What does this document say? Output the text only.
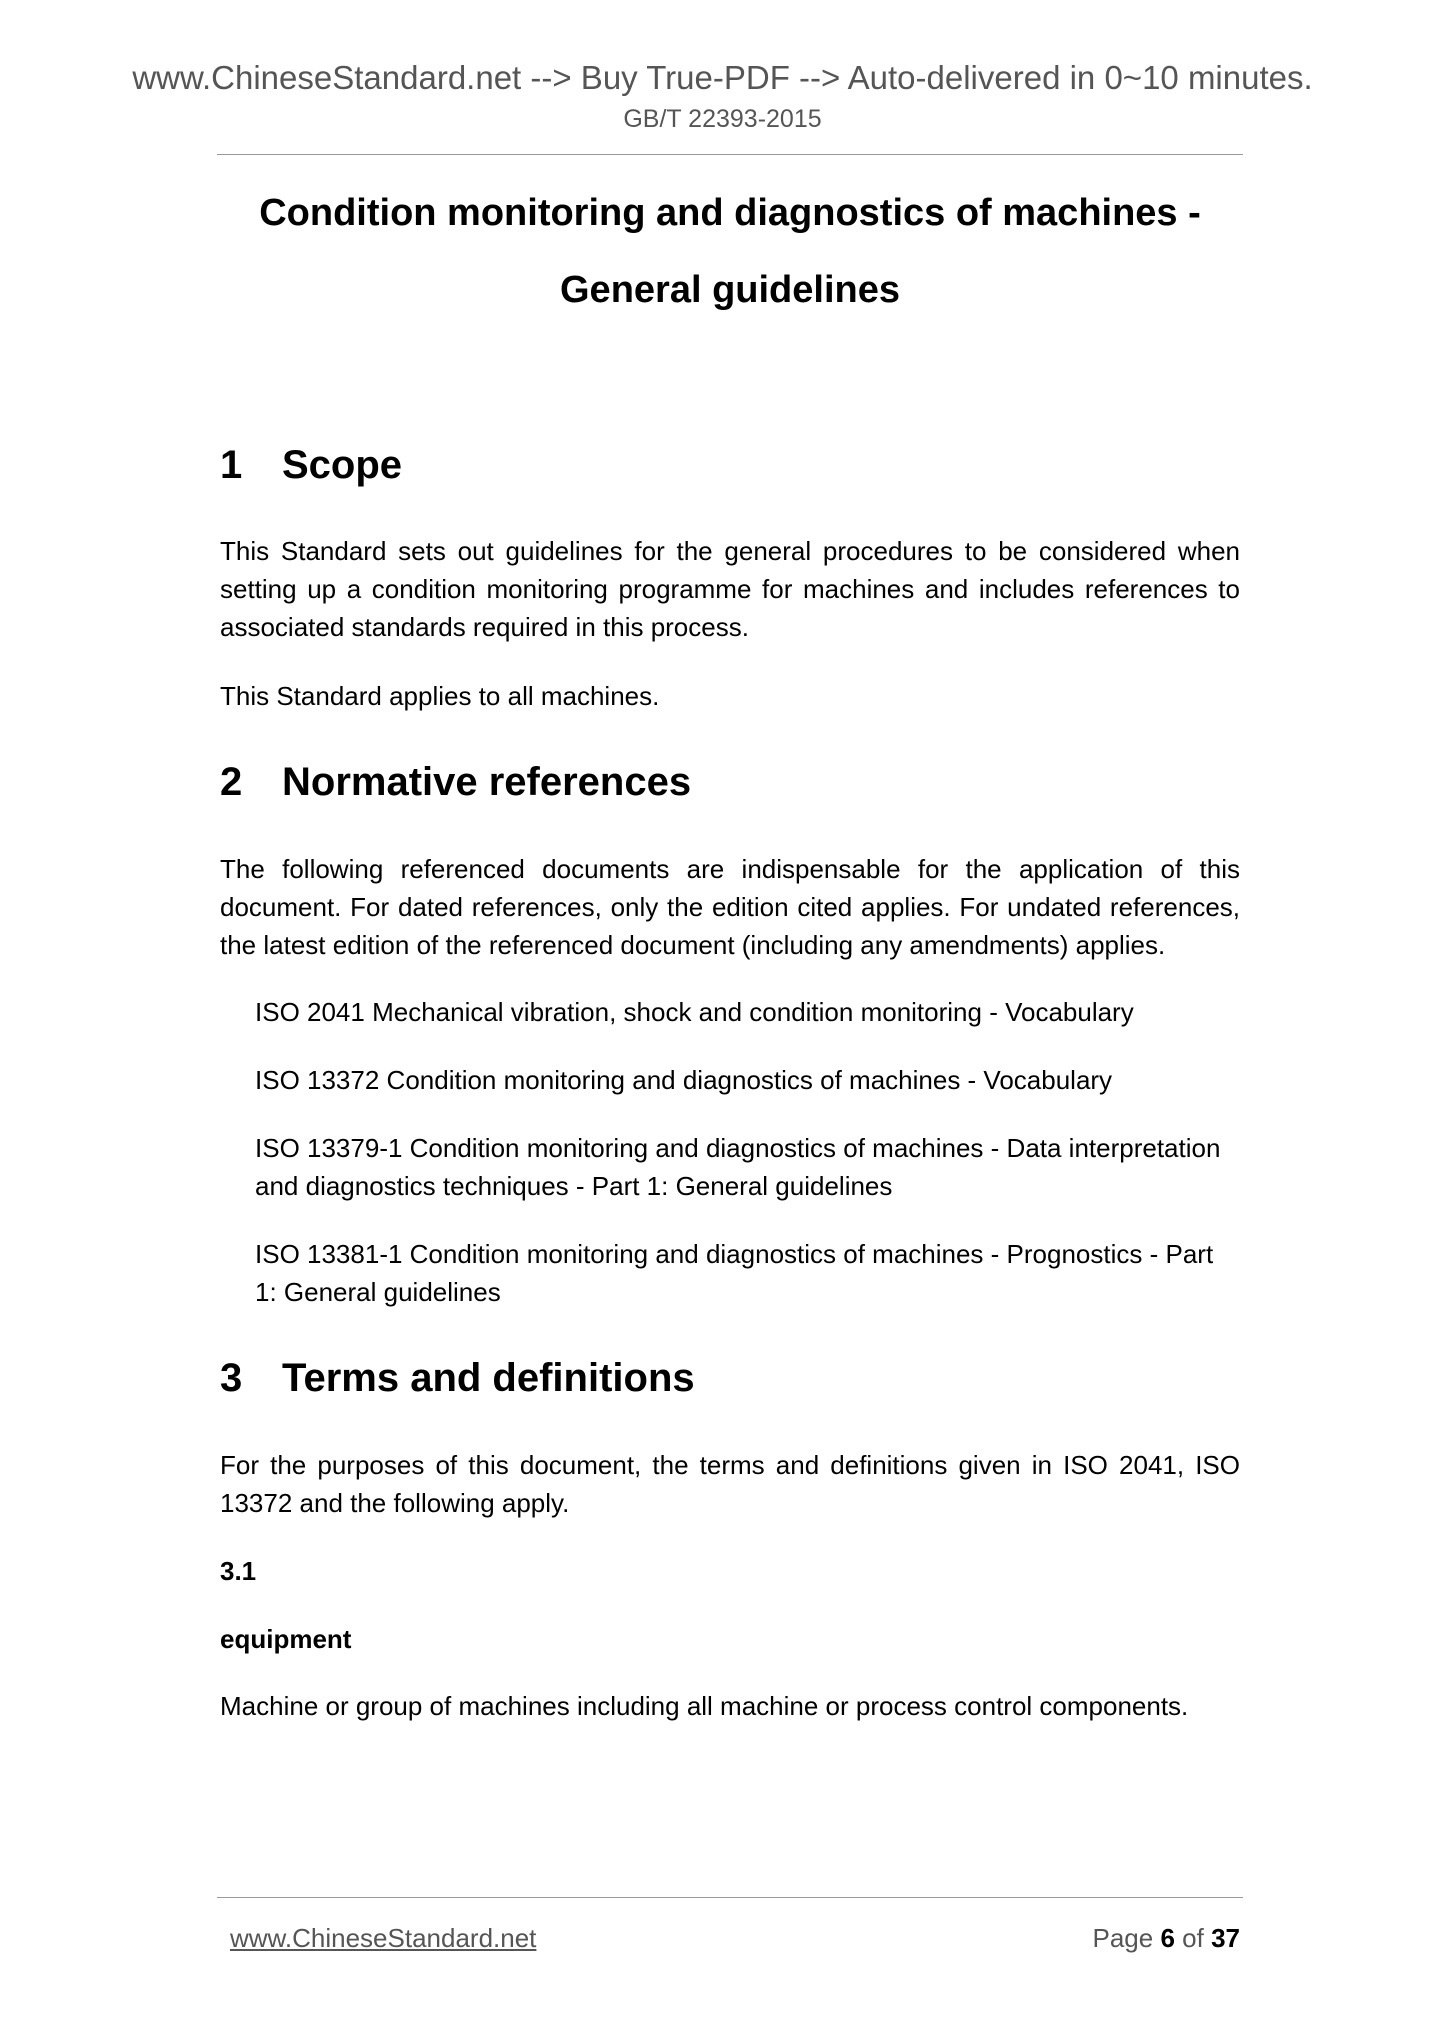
www.ChineseStandard.net --> Buy True-PDF --> Auto-delivered in 0~10 minutes.
GB/T 22393-2015
Condition monitoring and diagnostics of machines -
General guidelines
1 Scope
This Standard sets out guidelines for the general procedures to be considered when setting up a condition monitoring programme for machines and includes references to associated standards required in this process.
This Standard applies to all machines.
2 Normative references
The following referenced documents are indispensable for the application of this document. For dated references, only the edition cited applies. For undated references, the latest edition of the referenced document (including any amendments) applies.
ISO 2041 Mechanical vibration, shock and condition monitoring - Vocabulary
ISO 13372 Condition monitoring and diagnostics of machines - Vocabulary
ISO 13379-1 Condition monitoring and diagnostics of machines - Data interpretation and diagnostics techniques - Part 1: General guidelines
ISO 13381-1 Condition monitoring and diagnostics of machines - Prognostics - Part 1: General guidelines
3 Terms and definitions
For the purposes of this document, the terms and definitions given in ISO 2041, ISO 13372 and the following apply.
3.1
equipment
Machine or group of machines including all machine or process control components.
www.ChineseStandard.net	Page 6 of 37
